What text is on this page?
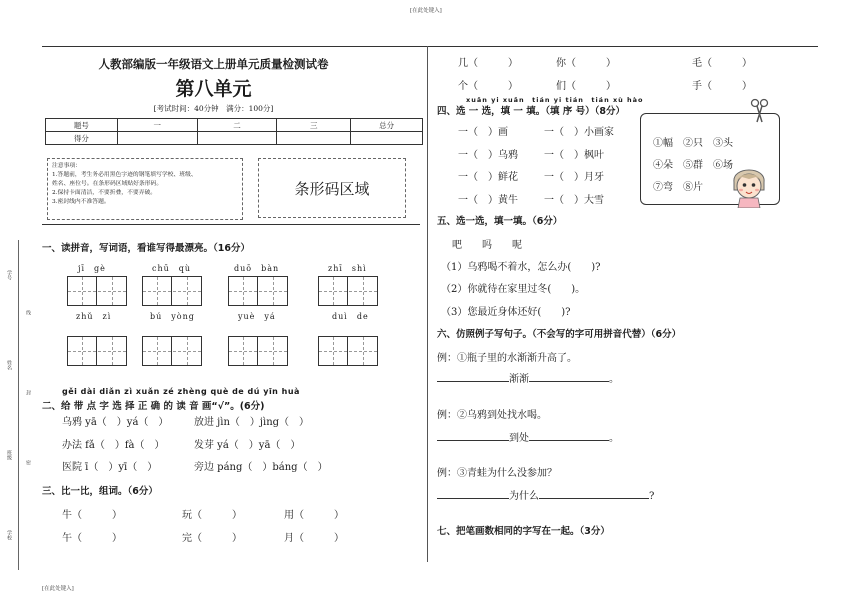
[在此处键入]
[在此处键入]
学号
线
姓名
封
班级
密
学校
人教部编版一年级语文上册单元质量检测试卷
第八单元
[考试时间：40分钟　满分：100分]
题号	一	二	三	总分
得分				
注意事项：
1.答题前，考生务必用黑色字迹的钢笔填写学校、班级、
姓名、座位号。在条形码区域贴好条形码。
2.保持卡面清洁，不要折叠，不要弄破。
3.密封线内不准答题。
条形码区域
一、读拼音，写词语，看谁写得最漂亮。（16分）
jī　gè	chū　qù	duō　bàn	zhī　shì
zhǔ　zì	bú　yòng	yuè　yá	duì　de
gěi dài diǎn zì xuǎn zé zhèng què de dú yīn huà
二、给 带 点 字 选 择 正 确 的 读 音 画“√”。(6分)
乌鸦 yā（　）yá（　）	放进 jìn（　）jìng（　）
办法 fǎ（　）fà（　）	发芽 yá（　）yā（　）
医院 ī（　）yī（　）	旁边 páng（　）báng（　）
三、比一比，组词。（6分）
牛（　　　）	玩（　　　）	用（　　　）
午（　　　）	完（　　　）	月（　　　）
几（　　　）	你（　　　）	毛（　　　）
个（　　　）	们（　　　）	手（　　　）
xuǎn yi xuǎn　tián yi tián　tián xù hào
四、选 一 选，填 一 填。（填 序 号）（8分）
一（　）画	一（　）小画家
一（　）乌鸦	一（　）枫叶
一（　）鲜花	一（　）月牙
一（　）黄牛	一（　）大雪
①幅　②只　③头
④朵　⑤群　⑥场
⑦弯　⑧片
五、选一选，填一填。（6分）
吧　　吗　　呢
（1）乌鸦喝不着水，怎么办(　　)?
（2）你就待在家里过冬(　　)。
（3）您最近身体还好(　　)?
六、仿照例子写句子。（不会写的字可用拼音代替）（6分）
例：①瓶子里的水渐渐升高了。
渐渐	。
例：②乌鸦到处找水喝。
到处	。
例：③青蛙为什么没参加？
为什么	?
七、把笔画数相同的字写在一起。（3分）
